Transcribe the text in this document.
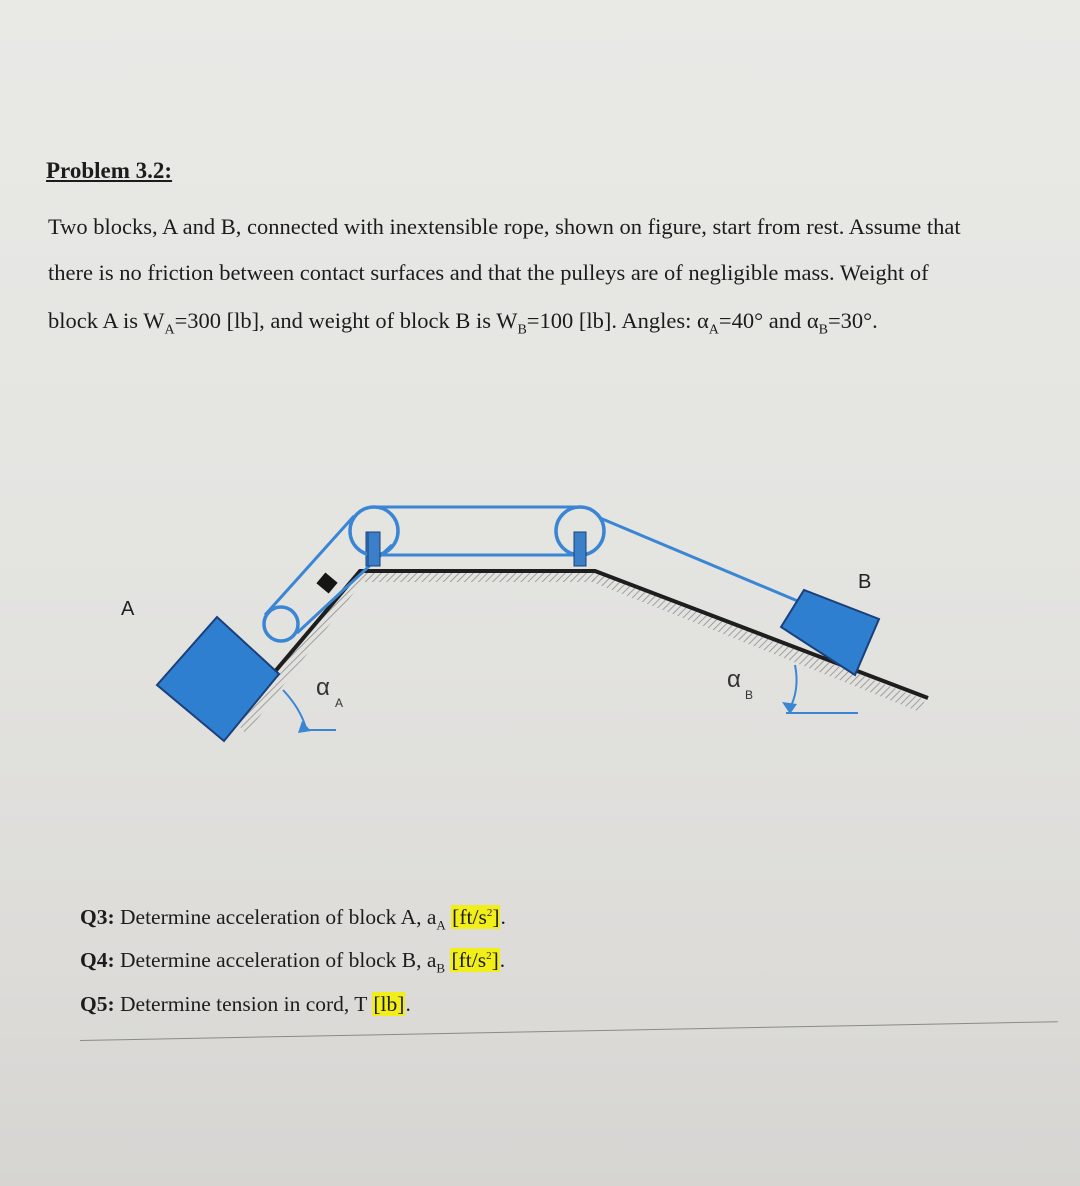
Problem 3.2:
Two blocks, A and B, connected with inextensible rope, shown on figure, start from rest. Assume that
there is no friction between contact surfaces and that the pulleys are of negligible mass. Weight of
block A is $W_A=300$ [lb], and weight of block B is $W_B=100$ [lb]. Angles: $\alpha_A=40^\circ$ and $\alpha_B=30^\circ$.
A
B
α
A
α
B
Q3: Determine acceleration of block A, $a_A$ $[ft/s^2]$.
Q4: Determine acceleration of block B, $a_B$ $[ft/s^2]$.
Q5: Determine tension in cord, T [lb].
